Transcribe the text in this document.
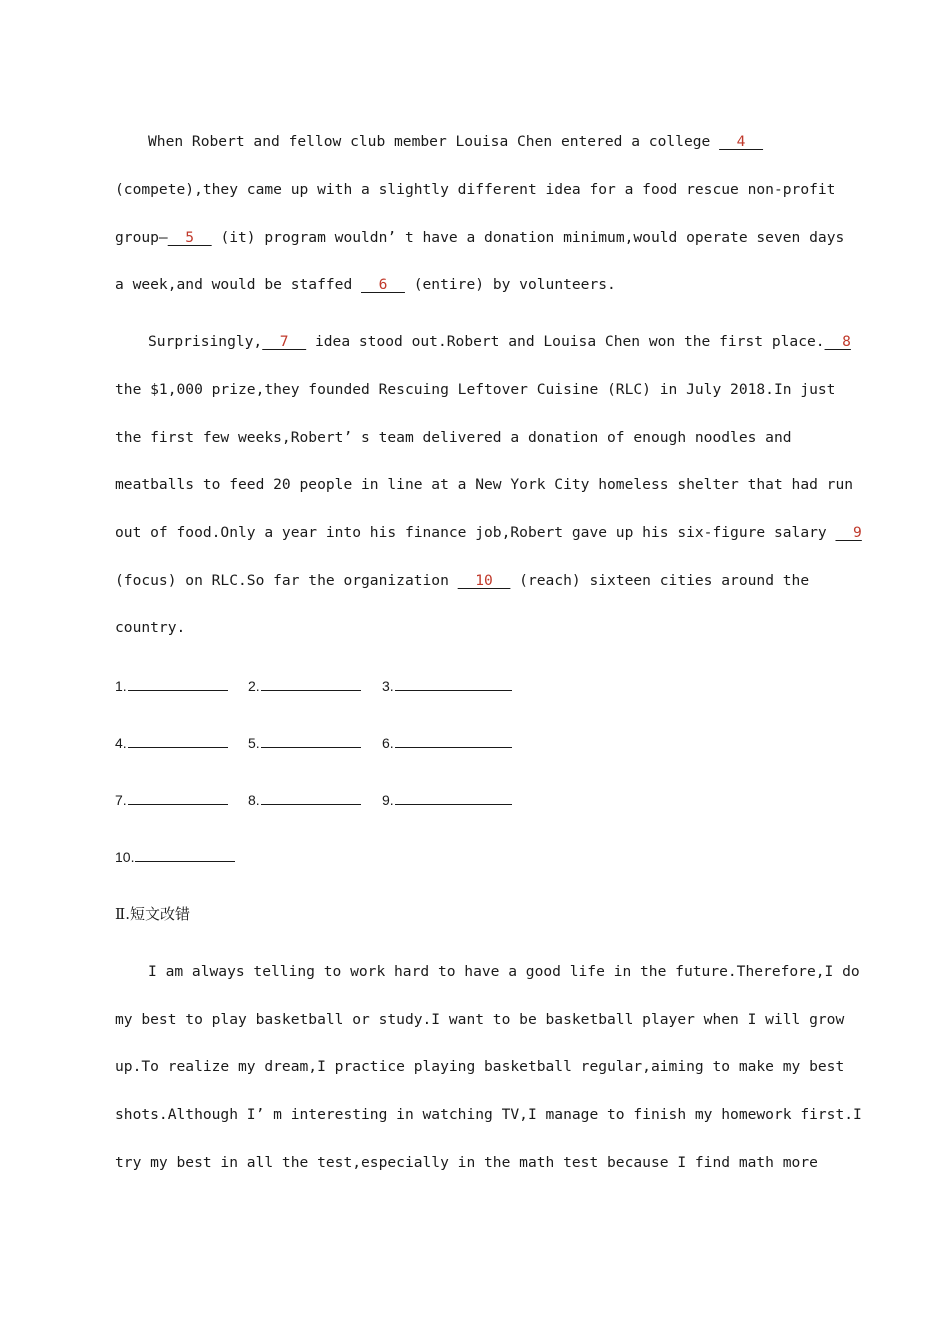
When Robert and fellow club member Louisa Chen entered a college   4
(compete),they came up with a slightly different idea for a food rescue non-profit
group—  5   (it) program wouldn’ t have a donation minimum,would operate seven days
a week,and would be staffed   6   (entire) by volunteers.
Surprisingly,  7   idea stood out.Robert and Louisa Chen won the first place.  8
the $1,000 prize,they founded Rescuing Leftover Cuisine (RLC) in July 2018.In just
the first few weeks,Robert’ s team delivered a donation of enough noodles and
meatballs to feed 20 people in line at a New York City homeless shelter that had run
out of food.Only a year into his finance job,Robert gave up his six-figure salary   9
(focus) on RLC.So far the organization   10   (reach) sixteen cities around the
country.
1.	2.	3.
4.	5.	6.
7.	8.	9.
10.
Ⅱ.短文改错
I am always telling to work hard to have a good life in the future.Therefore,I do
my best to play basketball or study.I want to be basketball player when I will grow
up.To realize my dream,I practice playing basketball regular,aiming to make my best
shots.Although I’ m interesting in watching TV,I manage to finish my homework first.I
try my best in all the test,especially in the math test because I find math more
